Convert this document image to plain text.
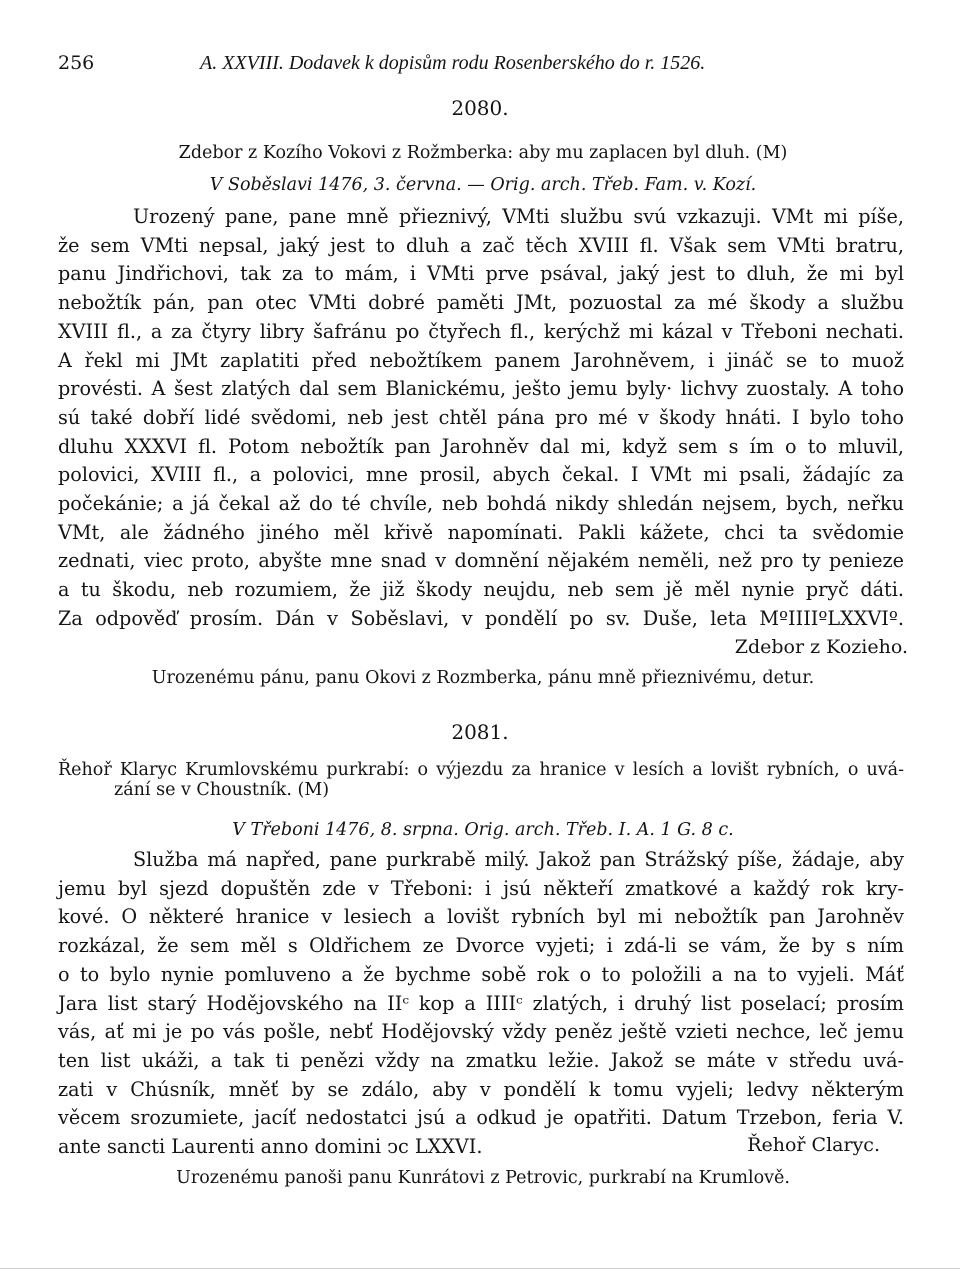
256	A. XXVIII. Dodavek k dopisům rodu Rosenberského do r. 1526.
2080.
Zdebor z Kozího Vokovi z Rožmberka: aby mu zaplacen byl dluh. (M)
V Soběslavi 1476, 3. června. — Orig. arch. Třeb. Fam. v. Kozí.
Urozený pane, pane mně přieznivý, VMti službu svú vzkazuji. VMt mi píše,
že sem VMti nepsal, jaký jest to dluh a zač těch XVIII fl. Však sem VMti bratru,
panu Jindřichovi, tak za to mám, i VMti prve psával, jaký jest to dluh, že mi byl
nebožtík pán, pan otec VMti dobré paměti JMt, pozuostal za mé škody a službu
XVIII fl., a za čtyry libry šafránu po čtyřech fl., kerýchž mi kázal v Třeboni nechati.
A řekl mi JMt zaplatiti před nebožtíkem panem Jarohněvem, i jináč se to muož
provésti. A šest zlatých dal sem Blanickému, ješto jemu byly· lichvy zuostaly. A toho
sú také dobří lidé svědomi, neb jest chtěl pána pro mé v škody hnáti. I bylo toho
dluhu XXXVI fl. Potom nebožtík pan Jarohněv dal mi, když sem s ím o to mluvil,
polovici, XVIII fl., a polovici, mne prosil, abych čekal. I VMt mi psali, žádajíc za
počekánie; a já čekal až do té chvíle, neb bohdá nikdy shledán nejsem, bych, neřku
VMt, ale žádného jiného měl křivě napomínati. Pakli kážete, chci ta svědomie
zednati, viec proto, abyšte mne snad v domnění nějakém neměli, než pro ty penieze
a tu škodu, neb rozumiem, že již škody neujdu, neb sem jě měl nynie pryč dáti.
Za odpověď prosím. Dán v Soběslavi, v pondělí po sv. Duše, leta MºIIIIºLXXVIº.
Zdebor z Kozieho.
Urozenému pánu, panu Okovi z Rozmberka, pánu mně přieznivému, detur.
2081.
Řehoř Klaryc Krumlovskému purkrabí: o výjezdu za hranice v lesích a lovišt rybních, o uvá-
zání se v Choustník. (M)
V Třeboni 1476, 8. srpna. Orig. arch. Třeb. I. A. 1 G. 8 c.
Služba má napřed, pane purkrabě milý. Jakož pan Strážský píše, žádaje, aby
jemu byl sjezd dopuštěn zde v Třeboni: i jsú někteří zmatkové a každý rok kry-
kové. O některé hranice v lesiech a lovišt rybních byl mi nebožtík pan Jarohněv
rozkázal, že sem měl s Oldřichem ze Dvorce vyjeti; i zdá-li se vám, že by s ním
o to bylo nynie pomluveno a že bychme sobě rok o to položili a na to vyjeli. Máť
Jara list starý Hodějovského na IIᶜ kop a IIIIᶜ zlatých, i druhý list poselací; prosím
vás, ať mi je po vás pošle, nebť Hodějovský vždy peněz ještě vzieti nechce, leč jemu
ten list ukáži, a tak ti penězi vždy na zmatku ležie. Jakož se máte v středu uvá-
zati v Chúsník, mněť by se zdálo, aby v pondělí k tomu vyjeli; ledvy některým
věcem srozumiete, jacíť nedostatci jsú a odkud je opatřiti. Datum Trzebon, feria V.
ante sancti Laurenti anno domini ↄc LXXVI.	Řehoř Claryc.
Urozenému panoši panu Kunrátovi z Petrovic, purkrabí na Krumlově.
